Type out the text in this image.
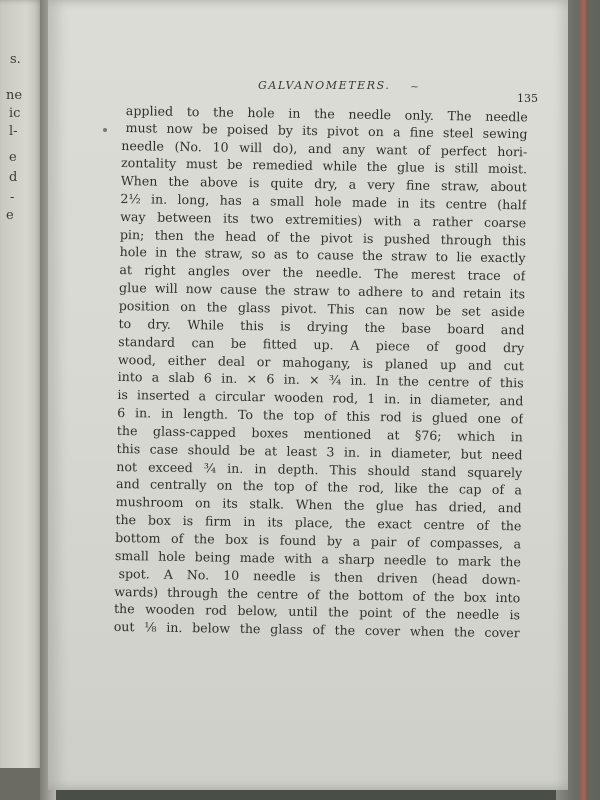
s.
ne
ic
l-
e
d
-
e
GALVANOMETERS.	~
135
applied to the hole in the needle only. The needle
must now be poised by its pivot on a fine steel sewing
needle (No. 10 will do), and any want of perfect hori-
zontality must be remedied while the glue is still moist.
When the above is quite dry, a very fine straw, about
2½ in. long, has a small hole made in its centre (half
way between its two extremities) with a rather coarse
pin; then the head of the pivot is pushed through this
hole in the straw, so as to cause the straw to lie exactly
at right angles over the needle. The merest trace of
glue will now cause the straw to adhere to and retain its
position on the glass pivot. This can now be set aside
to dry. While this is drying the base board and
standard can be fitted up. A piece of good dry
wood, either deal or mahogany, is planed up and cut
into a slab 6 in. × 6 in. × ¾ in. In the centre of this
is inserted a circular wooden rod, 1 in. in diameter, and
6 in. in length. To the top of this rod is glued one of
the glass-capped boxes mentioned at §76; which in
this case should be at least 3 in. in diameter, but need
not exceed ¾ in. in depth. This should stand squarely
and centrally on the top of the rod, like the cap of a
mushroom on its stalk. When the glue has dried, and
the box is firm in its place, the exact centre of the
bottom of the box is found by a pair of compasses, a
small hole being made with a sharp needle to mark the
spot. A No. 10 needle is then driven (head down-
wards) through the centre of the bottom of the box into
the wooden rod below, until the point of the needle is
out ⅛ in. below the glass of the cover when the cover
